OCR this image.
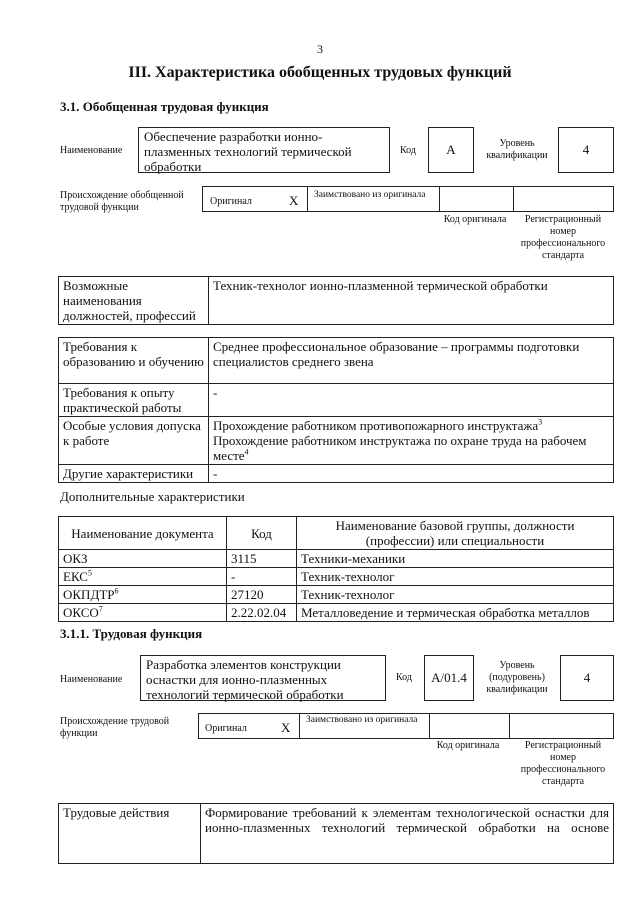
3
III. Характеристика обобщенных трудовых функций
3.1. Обобщенная трудовая функция
Наименование
Обеспечение разработки ионно-плазменных технологий термической обработки
Код	А	Уровень квалификации	4
Происхождение обобщенной трудовой функции
Оригинал	X Заимствовано из оригинала
Код оригинала	Регистрационный номер профессионального стандарта
Возможные наименования должностей, профессий	Техник-технолог ионно-плазменной термической обработки
Требования к образованию и обучению	Среднее профессиональное образование – программы подготовки специалистов среднего звена
Требования к опыту практической работы	-
Особые условия допуска к работе	Прохождение работником противопожарного инструктажа$^3$
Прохождение работником инструктажа по охране труда на рабочем месте$^4$
Другие характеристики	-
Дополнительные характеристики
Наименование документа	Код	Наименование базовой группы, должности (профессии) или специальности
ОКЗ	3115	Техники-механики
ЕКС$^5$	-	Техник-технолог
ОКПДТР$^6$	27120	Техник-технолог
ОКСО$^7$	2.22.02.04	Металловедение и термическая обработка металлов
3.1.1. Трудовая функция
Наименование
Разработка элементов конструкции оснастки для ионно-плазменных технологий термической обработки
Код	A/01.4
Уровень (подуровень) квалификации
4
Происхождение трудовой функции	Оригинал	X Заимствовано из оригинала
Код оригинала	Регистрационный номер профессионального стандарта
Трудовые действия	Формирование требований к элементам технологической оснастки для
ионно-плазменных технологий термической обработки на основе
